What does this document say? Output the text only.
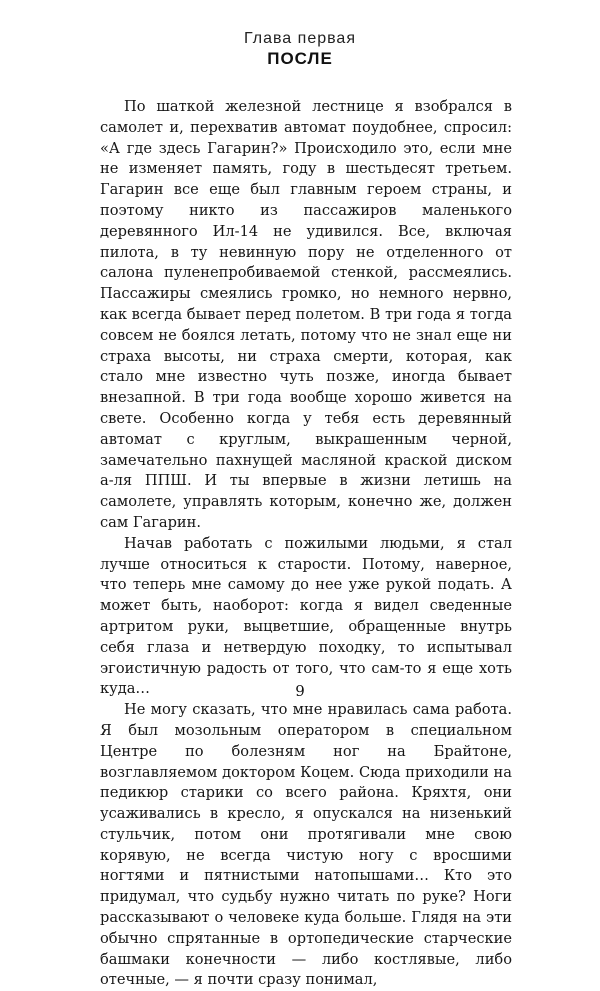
Глава первая
ПОСЛЕ

По шаткой железной лестнице я взобрался в самолет и, перехватив автомат поудобнее, спросил: «А где здесь Гагарин?» Происходило это, если мне не изменяет память, году в шестьдесят третьем. Гагарин все еще был главным героем страны, и поэтому никто из пассажиров маленького деревянного Ил-14 не удивился. Все, включая пилота, в ту невинную пору не отделенного от салона пуленепробиваемой стенкой, рассмеялись. Пассажиры смеялись громко, но немного нервно, как всегда бывает перед полетом. В три года я тогда совсем не боялся летать, потому что не знал еще ни страха высоты, ни страха смерти, которая, как стало мне известно чуть позже, иногда бывает внезапной. В три года вообще хорошо живется на свете. Особенно когда у тебя есть деревянный автомат с круглым, выкрашенным черной, замечательно пахнущей масляной краской диском а-ля ППШ. И ты впервые в жизни летишь на самолете, управлять которым, конечно же, должен сам Гагарин.

Начав работать с пожилыми людьми, я стал лучше относиться к старости. Потому, наверное, что теперь мне самому до нее уже рукой подать. А может быть, наоборот: когда я видел сведенные артритом руки, выцветшие, обращенные внутрь себя глаза и нетвердую походку, то испытывал эгоистичную радость от того, что сам-то я еще хоть куда…

Не могу сказать, что мне нравилась сама работа. Я был мозольным оператором в специальном Центре по болезням ног на Брайтоне, возглавляемом доктором Коцем. Сюда приходили на педикюр старики со всего района. Кряхтя, они усаживались в кресло, я опускался на низенький стульчик, потом они протягивали мне свою корявую, не всегда чистую ногу с вросшими ногтями и пятнистыми натопышами… Кто это придумал, что судьбу нужно читать по руке? Ноги рассказывают о человеке куда больше. Глядя на эти обычно спрятанные в ортопедические старческие башмаки конечности — либо костлявые, либо отечные, — я почти сразу понимал,

9
